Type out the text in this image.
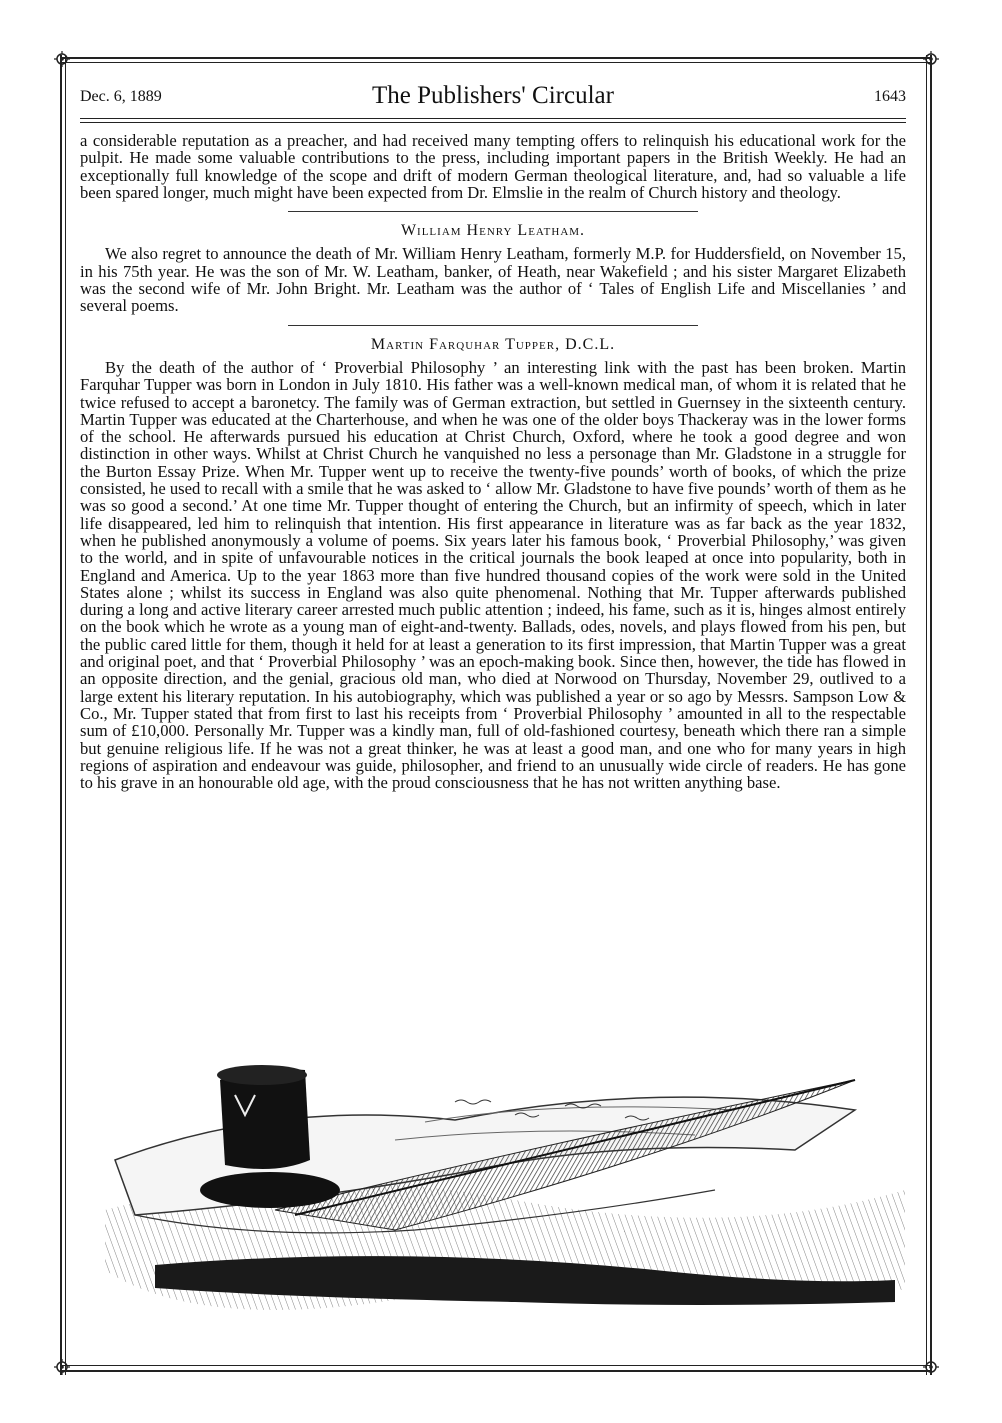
Dec. 6, 1889	The Publishers' Circular	1643

a considerable reputation as a preacher, and had received many tempting offers to relinquish his educational work for the pulpit. He made some valuable contributions to the press, including important papers in the British Weekly. He had an exceptionally full knowledge of the scope and drift of modern German theological literature, and, had so valuable a life been spared longer, much might have been expected from Dr. Elmslie in the realm of Church history and theology.

William Henry Leatham.

We also regret to announce the death of Mr. William Henry Leatham, formerly M.P. for Huddersfield, on November 15, in his 75th year. He was the son of Mr. W. Leatham, banker, of Heath, near Wakefield ; and his sister Margaret Elizabeth was the second wife of Mr. John Bright. Mr. Leatham was the author of ‘ Tales of English Life and Miscellanies ’ and several poems.

Martin Farquhar Tupper, D.C.L.

By the death of the author of ‘ Proverbial Philosophy ’ an interesting link with the past has been broken. Martin Farquhar Tupper was born in London in July 1810. His father was a well-known medical man, of whom it is related that he twice refused to accept a baronetcy. The family was of German extraction, but settled in Guernsey in the sixteenth century. Martin Tupper was educated at the Charterhouse, and when he was one of the older boys Thackeray was in the lower forms of the school. He afterwards pursued his education at Christ Church, Oxford, where he took a good degree and won distinction in other ways. Whilst at Christ Church he vanquished no less a personage than Mr. Gladstone in a struggle for the Burton Essay Prize. When Mr. Tupper went up to receive the twenty-five pounds’ worth of books, of which the prize consisted, he used to recall with a smile that he was asked to ‘ allow Mr. Gladstone to have five pounds’ worth of them as he was so good a second.’ At one time Mr. Tupper thought of entering the Church, but an infirmity of speech, which in later life disappeared, led him to relinquish that intention. His first appearance in literature was as far back as the year 1832, when he published anonymously a volume of poems. Six years later his famous book, ‘ Proverbial Philosophy,’ was given to the world, and in spite of unfavourable notices in the critical journals the book leaped at once into popularity, both in England and America. Up to the year 1863 more than five hundred thousand copies of the work were sold in the United States alone ; whilst its success in England was also quite phenomenal. Nothing that Mr. Tupper afterwards published during a long and active literary career arrested much public attention ; indeed, his fame, such as it is, hinges almost entirely on the book which he wrote as a young man of eight-and-twenty. Ballads, odes, novels, and plays flowed from his pen, but the public cared little for them, though it held for at least a generation to its first impression, that Martin Tupper was a great and original poet, and that ‘ Proverbial Philosophy ’ was an epoch-making book. Since then, however, the tide has flowed in an opposite direction, and the genial, gracious old man, who died at Norwood on Thursday, November 29, outlived to a large extent his literary reputation. In his autobiography, which was published a year or so ago by Messrs. Sampson Low & Co., Mr. Tupper stated that from first to last his receipts from ‘ Proverbial Philosophy ’ amounted in all to the respectable sum of £10,000. Personally Mr. Tupper was a kindly man, full of old-fashioned courtesy, beneath which there ran a simple but genuine religious life. If he was not a great thinker, he was at least a good man, and one who for many years in high regions of aspiration and endeavour was guide, philosopher, and friend to an unusually wide circle of readers. He has gone to his grave in an honourable old age, with the proud consciousness that he has not written anything base.
